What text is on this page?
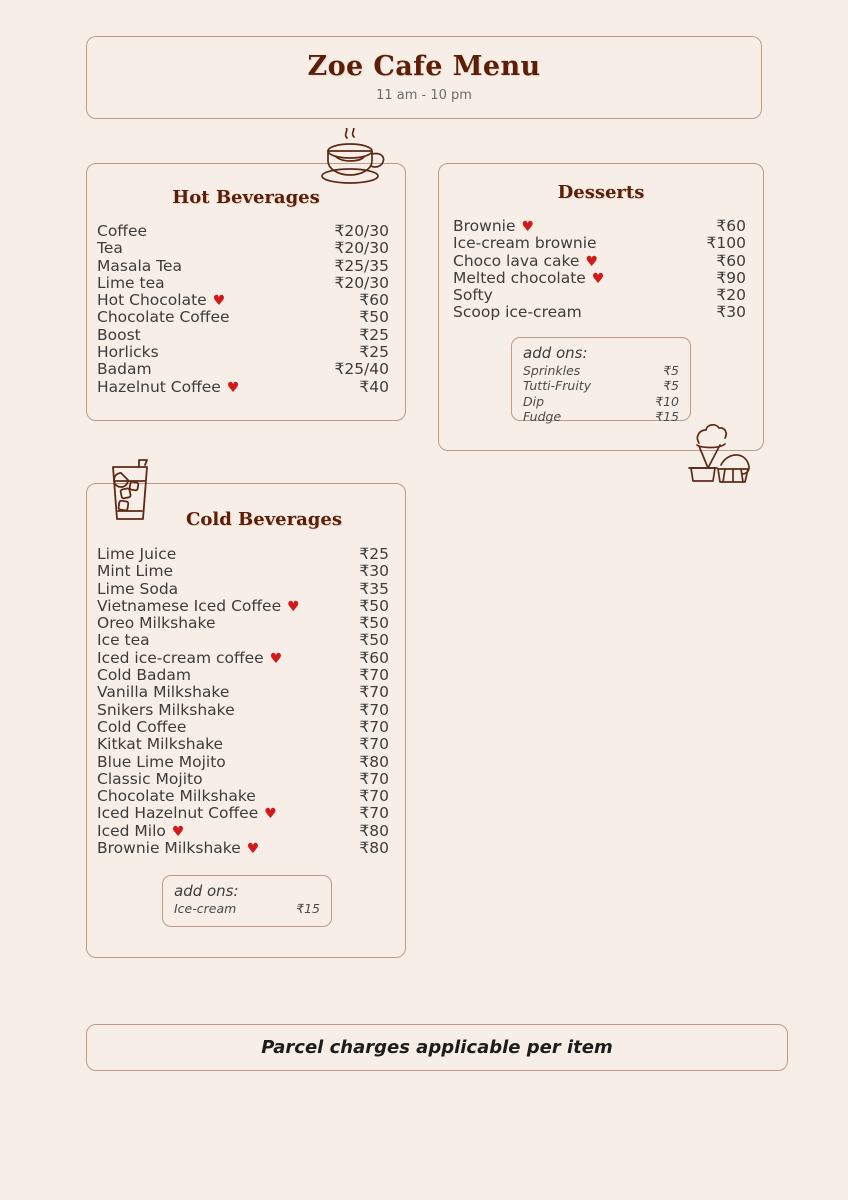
Zoe Cafe Menu
11 am - 10 pm
Hot Beverages
Coffee	₹20/30
Tea	₹20/30
Masala Tea	₹25/35
Lime tea	₹20/30
Hot Chocolate ♥	₹60
Chocolate Coffee	₹50
Boost	₹25
Horlicks	₹25
Badam	₹25/40
Hazelnut Coffee ♥	₹40
Desserts
Brownie ♥	₹60
Ice-cream brownie	₹100
Choco lava cake ♥	₹60
Melted chocolate ♥	₹90
Softy	₹20
Scoop ice-cream	₹30
add ons:
Sprinkles	₹5
Tutti-Fruity	₹5
Dip	₹10
Fudge	₹15
Cold Beverages
Lime Juice	₹25
Mint Lime	₹30
Lime Soda	₹35
Vietnamese Iced Coffee ♥	₹50
Oreo Milkshake	₹50
Ice tea	₹50
Iced ice-cream coffee ♥	₹60
Cold Badam	₹70
Vanilla Milkshake	₹70
Snikers Milkshake	₹70
Cold Coffee	₹70
Kitkat Milkshake	₹70
Blue Lime Mojito	₹80
Classic Mojito	₹70
Chocolate Milkshake	₹70
Iced Hazelnut Coffee ♥	₹70
Iced Milo ♥	₹80
Brownie Milkshake ♥	₹80
add ons:
Ice-cream	₹15
Parcel charges applicable per item
